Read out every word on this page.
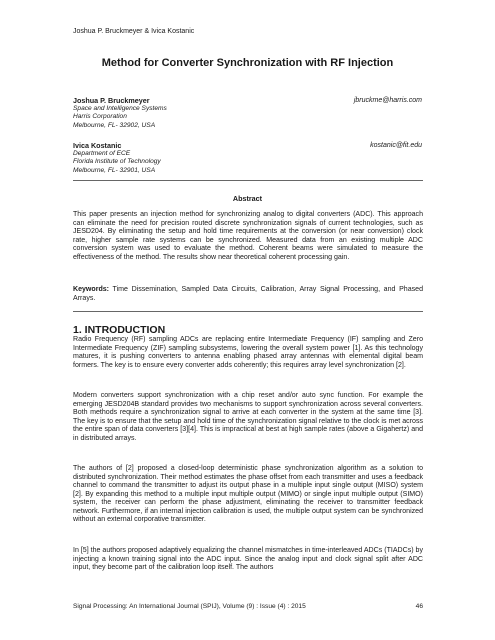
Joshua P. Bruckmeyer & Ivica Kostanic
Method for Converter Synchronization with RF Injection
Joshua P. Bruckmeyer
Space and Intelligence Systems
Harris Corporation
Melbourne, FL- 32902, USA
jbruckme@harris.com
Ivica Kostanic
Department of ECE
Florida Institute of Technology
Melbourne, FL- 32901, USA
kostanic@fit.edu
Abstract

This paper presents an injection method for synchronizing analog to digital converters (ADC). This approach can eliminate the need for precision routed discrete synchronization signals of current technologies, such as JESD204. By eliminating the setup and hold time requirements at the conversion (or near conversion) clock rate, higher sample rate systems can be synchronized. Measured data from an existing multiple ADC conversion system was used to evaluate the method. Coherent beams were simulated to measure the effectiveness of the method. The results show near theoretical coherent processing gain.

Keywords: Time Dissemination, Sampled Data Circuits, Calibration, Array Signal Processing, and Phased Arrays.

1. INTRODUCTION

Radio Frequency (RF) sampling ADCs are replacing entire Intermediate Frequency (IF) sampling and Zero Intermediate Frequency (ZIF) sampling subsystems, lowering the overall system power [1]. As this technology matures, it is pushing converters to antenna enabling phased array antennas with elemental digital beam formers. The key is to ensure every converter adds coherently; this requires array level synchronization [2].

Modern converters support synchronization with a chip reset and/or auto sync function. For example the emerging JESD204B standard provides two mechanisms to support synchronization across several converters. Both methods require a synchronization signal to arrive at each converter in the system at the same time [3]. The key is to ensure that the setup and hold time of the synchronization signal relative to the clock is met across the entire span of data converters [3][4]. This is impractical at best at high sample rates (above a Gigahertz) and in distributed arrays.

The authors of [2] proposed a closed-loop deterministic phase synchronization algorithm as a solution to distributed synchronization. Their method estimates the phase offset from each transmitter and uses a feedback channel to command the transmitter to adjust its output phase in a multiple input single output (MISO) system [2]. By expanding this method to a multiple input multiple output (MIMO) or single input multiple output (SIMO) system, the receiver can perform the phase adjustment, eliminating the receiver to transmitter feedback network. Furthermore, if an internal injection calibration is used, the multiple output system can be synchronized without an external corporative transmitter.

In [5] the authors proposed adaptively equalizing the channel mismatches in time-interleaved ADCs (TIADCs) by injecting a known training signal into the ADC input. Since the analog input and clock signal split after ADC input, they become part of the calibration loop itself. The authors

Signal Processing: An International Journal (SPIJ), Volume (9) : Issue (4) : 2015	46
